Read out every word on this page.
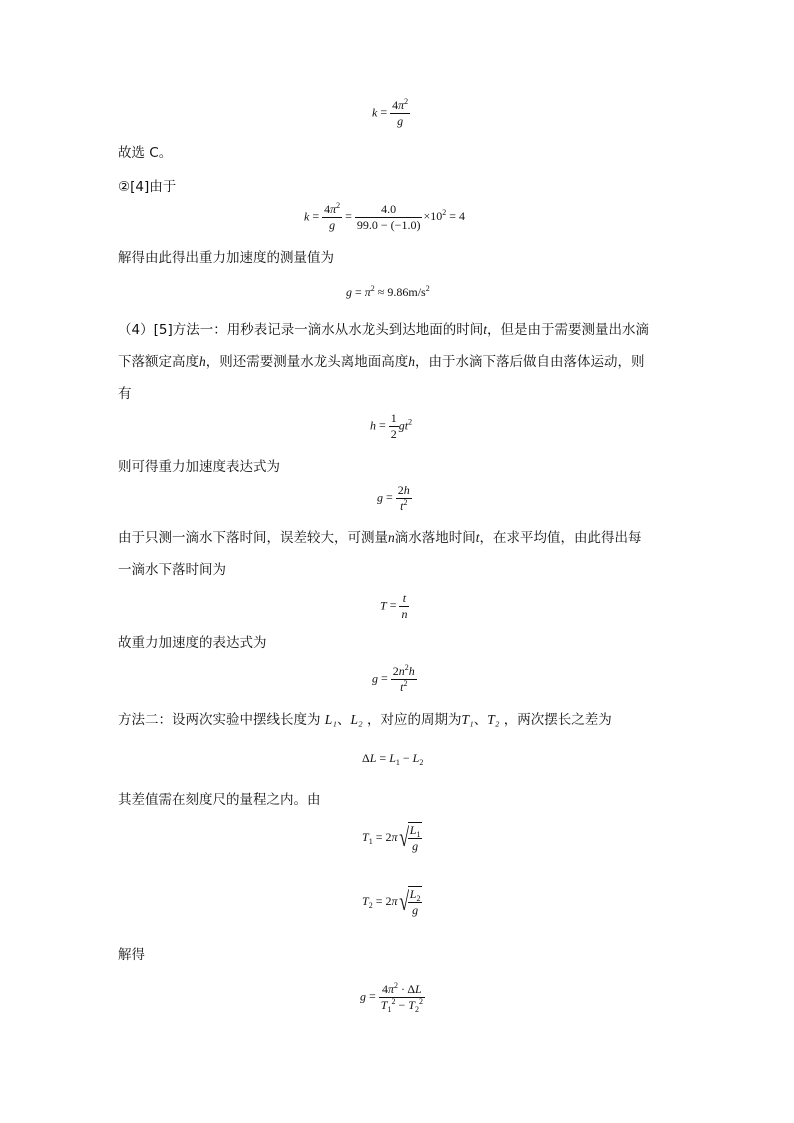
$k = \frac{4\pi^2}{g}$
故选 C。
②[4]由于
$k = \frac{4\pi^2}{g} = \frac{4.0}{99.0 - (-1.0)} \times 10^2 = 4$
解得由此得出重力加速度的测量值为
$g = \pi^2 \approx 9.86m/s^2$
（4）[5]方法一：用秒表记录一滴水从水龙头到达地面的时间t，但是由于需要测量出水滴
下落额定高度h，则还需要测量水龙头离地面高度h，由于水滴下落后做自由落体运动，则
有
$h = \frac{1}{2} gt^2$
则可得重力加速度表达式为
$g = \frac{2h}{t^2}$
由于只测一滴水下落时间，误差较大，可测量n滴水落地时间t，在求平均值，由此得出每
一滴水下落时间为
$T = \frac{t}{n}$
故重力加速度的表达式为
$g = \frac{2n^2h}{t^2}$
方法二：设两次实验中摆线长度为 L₁、L₂ ，对应的周期为T₁、T₂ ，两次摆长之差为
$\Delta L = L_1 - L_2$
其差值需在刻度尺的量程之内。由
$T_1 = 2\pi√$
$\frac{L_1}{g}$
$T_2 = 2\pi√$
$\frac{L_2}{g}$
解得
$g = \frac{4\pi^2 \cdot \Delta L}{T_1^2 - T_2^2}$
